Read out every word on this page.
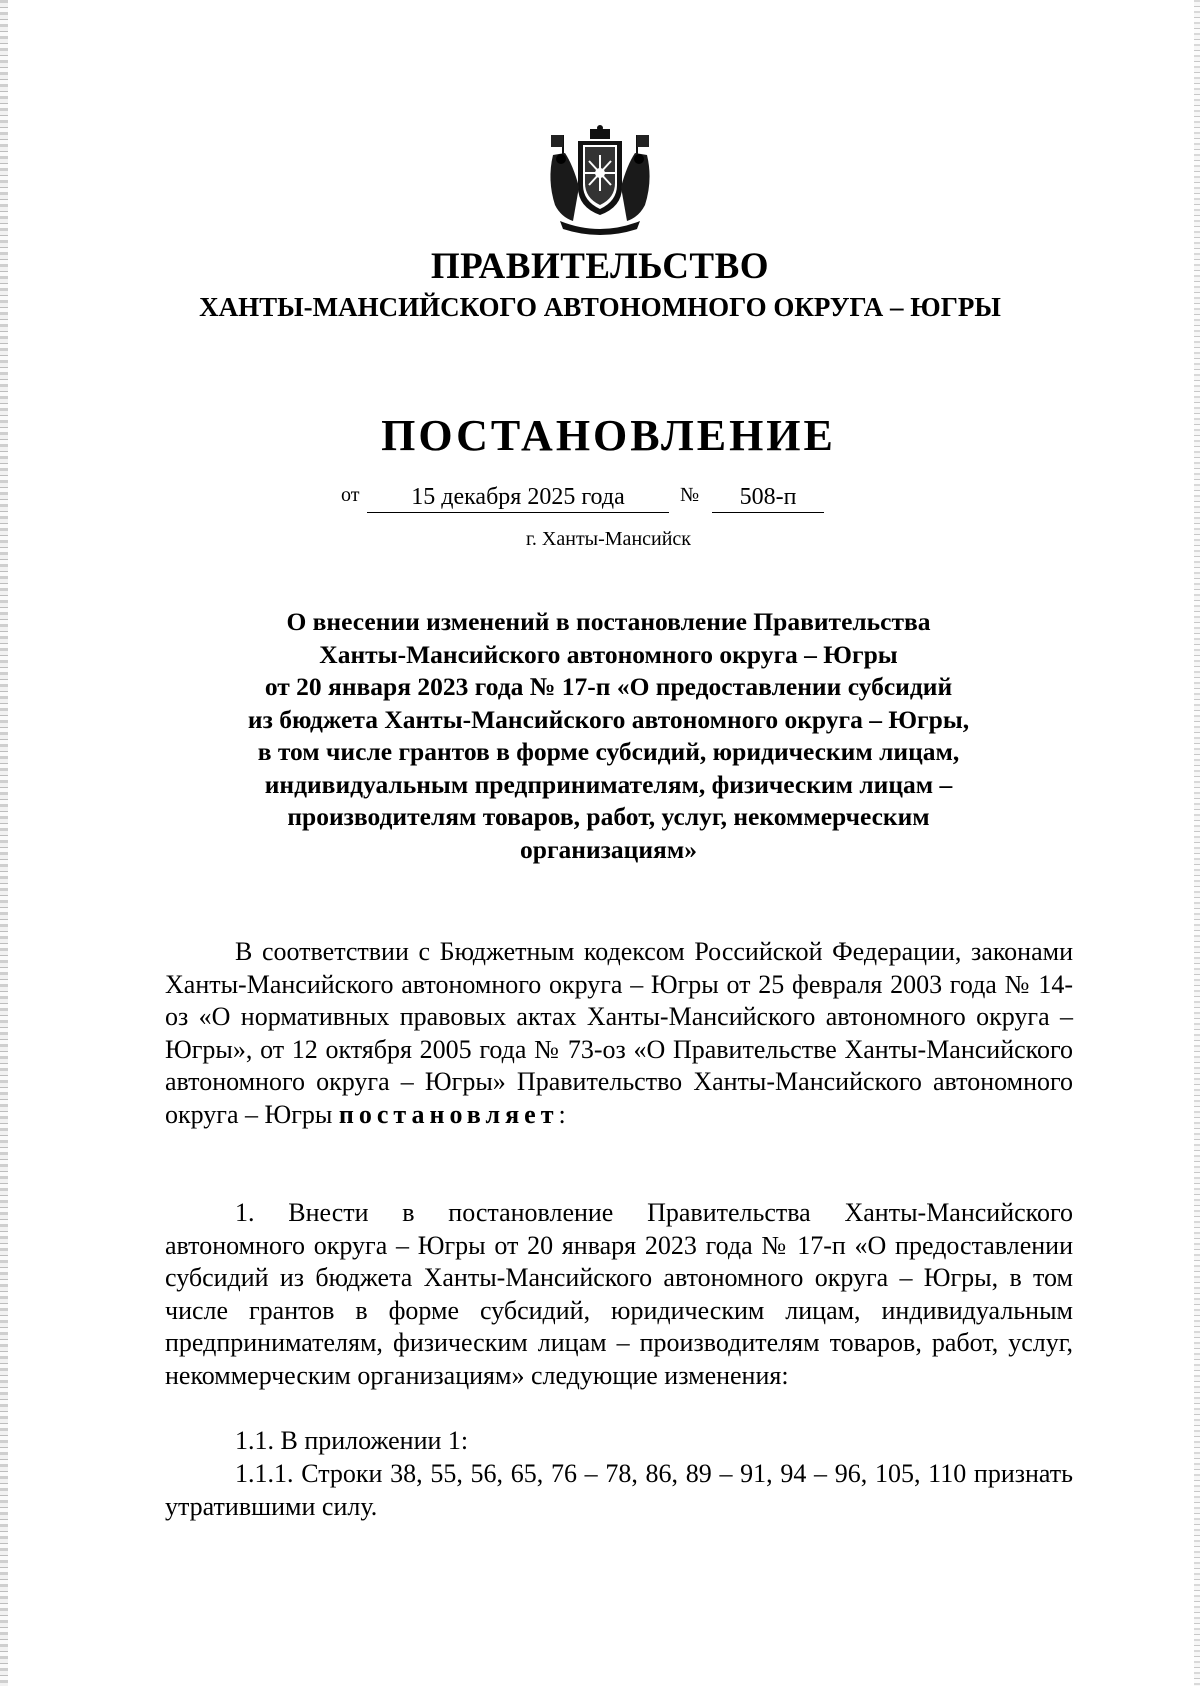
ПРАВИТЕЛЬСТВО
ХАНТЫ-МАНСИЙСКОГО АВТОНОМНОГО ОКРУГА – ЮГРЫ
ПОСТАНОВЛЕНИЕ
от	15 декабря 2025 года	№	508-п
г. Ханты-Мансийск
О внесении изменений в постановление Правительства
Ханты-Мансийского автономного округа – Югры
от 20 января 2023 года № 17-п «О предоставлении субсидий
из бюджета Ханты-Мансийского автономного округа – Югры,
в том числе грантов в форме субсидий, юридическим лицам,
индивидуальным предпринимателям, физическим лицам –
производителям товаров, работ, услуг, некоммерческим
организациям»
В соответствии с Бюджетным кодексом Российской Федерации, законами Ханты-Мансийского автономного округа – Югры от 25 февраля 2003 года № 14-оз «О нормативных правовых актах Ханты-Мансийского автономного округа – Югры», от 12 октября 2005 года № 73-оз «О Правительстве Ханты-Мансийского автономного округа – Югры» Правительство Ханты-Мансийского автономного округа – Югры постановляет:
1. Внести в постановление Правительства Ханты-Мансийского автономного округа – Югры от 20 января 2023 года № 17-п «О предоставлении субсидий из бюджета Ханты-Мансийского автономного округа – Югры, в том числе грантов в форме субсидий, юридическим лицам, индивидуальным предпринимателям, физическим лицам – производителям товаров, работ, услуг, некоммерческим организациям» следующие изменения:
1.1. В приложении 1:
1.1.1. Строки 38, 55, 56, 65, 76 – 78, 86, 89 – 91, 94 – 96, 105, 110 признать утратившими силу.
